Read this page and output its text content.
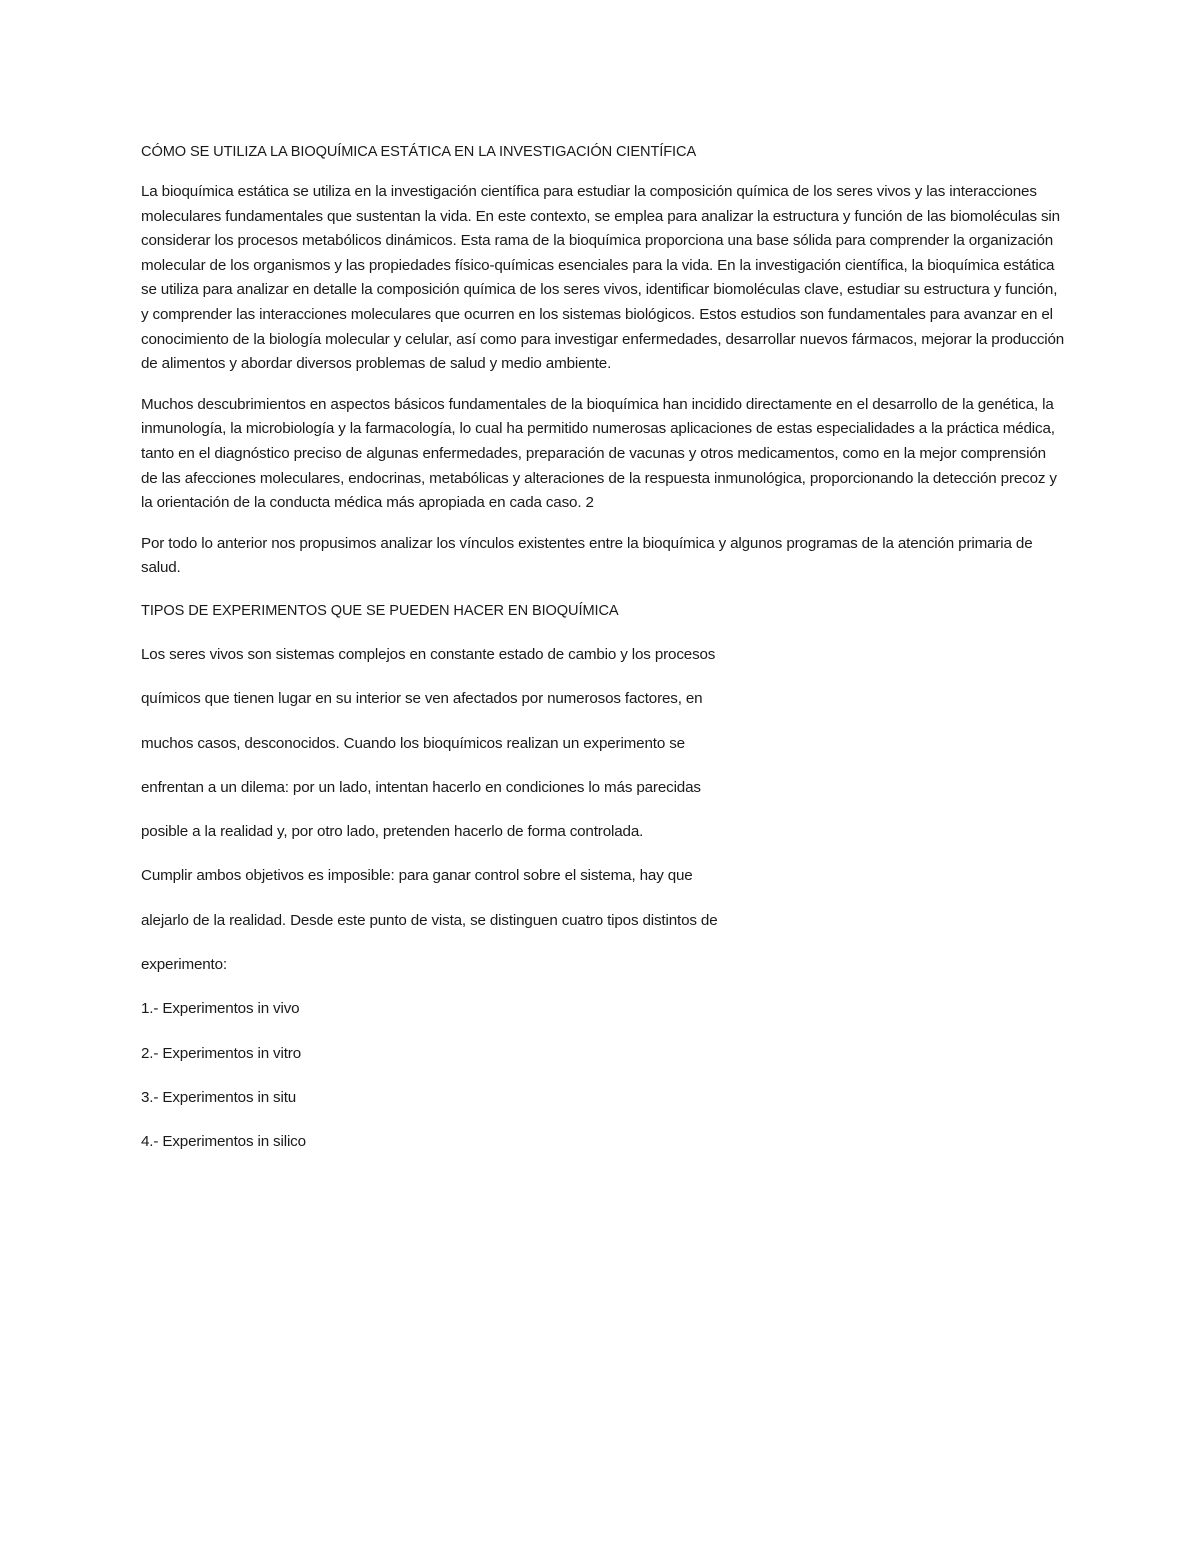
CÓMO SE UTILIZA LA BIOQUÍMICA ESTÁTICA EN LA INVESTIGACIÓN CIENTÍFICA

La bioquímica estática se utiliza en la investigación científica para estudiar la composición química de los seres vivos y las interacciones moleculares fundamentales que sustentan la vida. En este contexto, se emplea para analizar la estructura y función de las biomoléculas sin considerar los procesos metabólicos dinámicos. Esta rama de la bioquímica proporciona una base sólida para comprender la organización molecular de los organismos y las propiedades físico-químicas esenciales para la vida. En la investigación científica, la bioquímica estática se utiliza para analizar en detalle la composición química de los seres vivos, identificar biomoléculas clave, estudiar su estructura y función, y comprender las interacciones moleculares que ocurren en los sistemas biológicos. Estos estudios son fundamentales para avanzar en el conocimiento de la biología molecular y celular, así como para investigar enfermedades, desarrollar nuevos fármacos, mejorar la producción de alimentos y abordar diversos problemas de salud y medio ambiente.

Muchos descubrimientos en aspectos básicos fundamentales de la bioquímica han incidido directamente en el desarrollo de la genética, la inmunología, la microbiología y la farmacología, lo cual ha permitido numerosas aplicaciones de estas especialidades a la práctica médica, tanto en el diagnóstico preciso de algunas enfermedades, preparación de vacunas y otros medicamentos, como en la mejor comprensión de las afecciones moleculares, endocrinas, metabólicas y alteraciones de la respuesta inmunológica, proporcionando la detección precoz y la orientación de la conducta médica más apropiada en cada caso. 2

Por todo lo anterior nos propusimos analizar los vínculos existentes entre la bioquímica y algunos programas de la atención primaria de salud.

TIPOS DE EXPERIMENTOS QUE SE PUEDEN HACER EN BIOQUÍMICA

Los seres vivos son sistemas complejos en constante estado de cambio y los procesos

químicos que tienen lugar en su interior se ven afectados por numerosos factores, en

muchos casos, desconocidos. Cuando los bioquímicos realizan un experimento se

enfrentan a un dilema: por un lado, intentan hacerlo en condiciones lo más parecidas

posible a la realidad y, por otro lado, pretenden hacerlo de forma controlada.

Cumplir ambos objetivos es imposible: para ganar control sobre el sistema, hay que

alejarlo de la realidad. Desde este punto de vista, se distinguen cuatro tipos distintos de

experimento:

1.- Experimentos in vivo

2.- Experimentos in vitro

3.- Experimentos in situ

4.- Experimentos in silico
